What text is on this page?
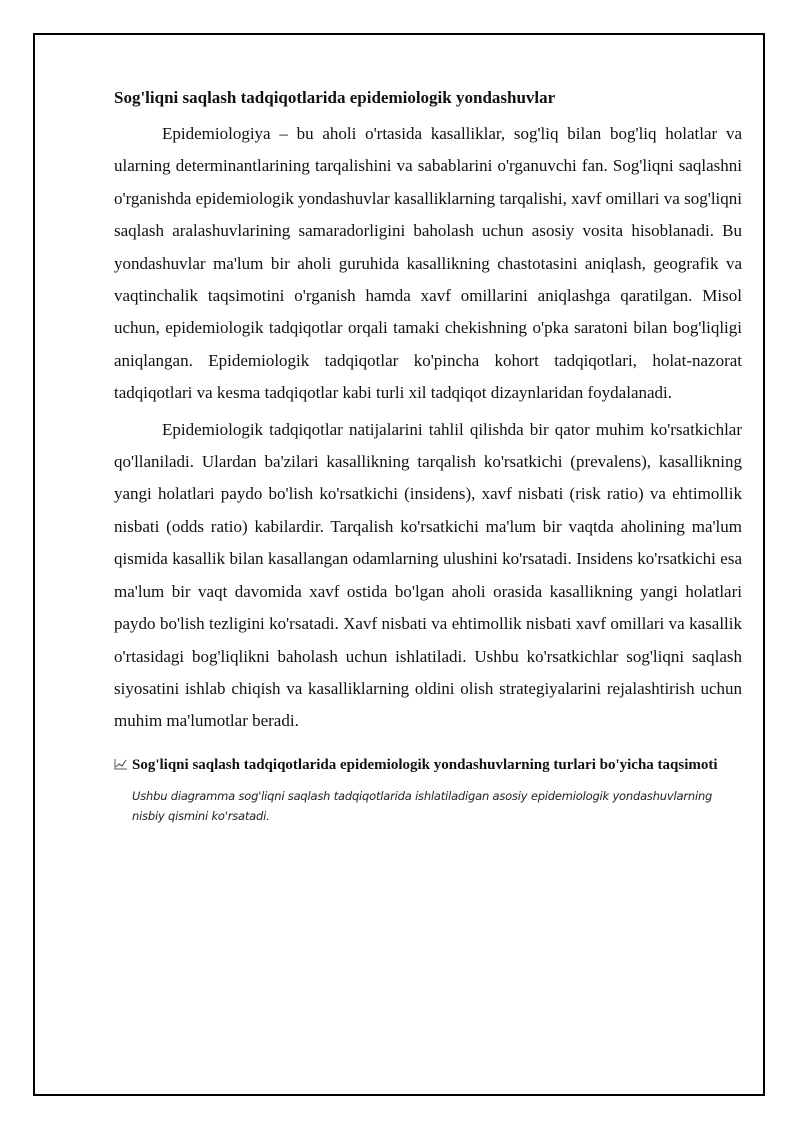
Sog'liqni saqlash tadqiqotlarida epidemiologik yondashuvlar

Epidemiologiya – bu aholi o'rtasida kasalliklar, sog'liq bilan bog'liq holatlar va ularning determinantlarining tarqalishini va sabablarini o'rganuvchi fan. Sog'liqni saqlashni o'rganishda epidemiologik yondashuvlar kasalliklarning tarqalishi, xavf omillari va sog'liqni saqlash aralashuvlarining samaradorligini baholash uchun asosiy vosita hisoblanadi. Bu yondashuvlar ma'lum bir aholi guruhida kasallikning chastotasini aniqlash, geografik va vaqtinchalik taqsimotini o'rganish hamda xavf omillarini aniqlashga qaratilgan. Misol uchun, epidemiologik tadqiqotlar orqali tamaki chekishning o'pka saratoni bilan bog'liqligi aniqlangan. Epidemiologik tadqiqotlar ko'pincha kohort tadqiqotlari, holat-nazorat tadqiqotlari va kesma tadqiqotlar kabi turli xil tadqiqot dizaynlaridan foydalanadi.

Epidemiologik tadqiqotlar natijalarini tahlil qilishda bir qator muhim ko'rsatkichlar qo'llaniladi. Ulardan ba'zilari kasallikning tarqalish ko'rsatkichi (prevalens), kasallikning yangi holatlari paydo bo'lish ko'rsatkichi (insidens), xavf nisbati (risk ratio) va ehtimollik nisbati (odds ratio) kabilardir. Tarqalish ko'rsatkichi ma'lum bir vaqtda aholining ma'lum qismida kasallik bilan kasallangan odamlarning ulushini ko'rsatadi. Insidens ko'rsatkichi esa ma'lum bir vaqt davomida xavf ostida bo'lgan aholi orasida kasallikning yangi holatlari paydo bo'lish tezligini ko'rsatadi. Xavf nisbati va ehtimollik nisbati xavf omillari va kasallik o'rtasidagi bog'liqlikni baholash uchun ishlatiladi. Ushbu ko'rsatkichlar sog'liqni saqlash siyosatini ishlab chiqish va kasalliklarning oldini olish strategiyalarini rejalashtirish uchun muhim ma'lumotlar beradi.

Sog'liqni saqlash tadqiqotlarida epidemiologik yondashuvlarning turlari bo'yicha taqsimoti
Ushbu diagramma sog'liqni saqlash tadqiqotlarida ishlatiladigan asosiy epidemiologik yondashuvlarning nisbiy qismini ko'rsatadi.
